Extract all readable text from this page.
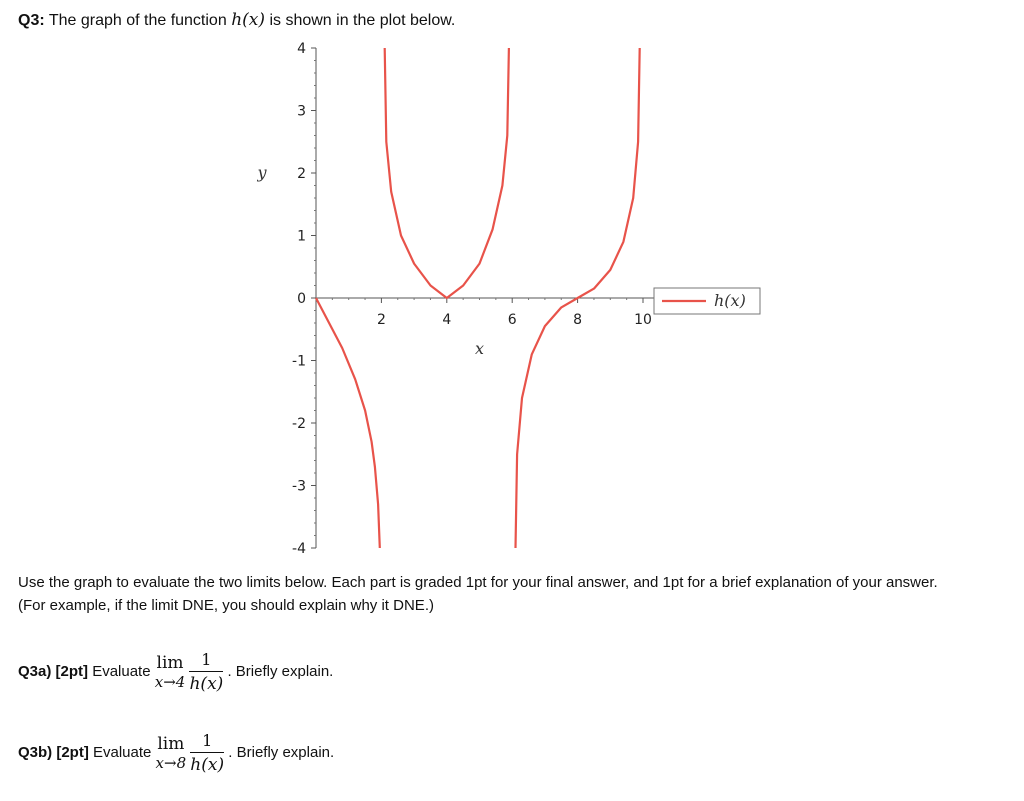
Q3: The graph of the function h(x) is shown in the plot below.
-4
-3
-2
-1
0
1
2
3
4
2	4	6	8	10
x
y
h(x)
Use the graph to evaluate the two limits below. Each part is graded 1pt for your final answer, and 1pt for a brief explanation of your answer.
(For example, if the limit DNE, you should explain why it DNE.)
Q3a) [2pt] Evaluate lim
x→4
$\frac{1}{h(x)}$ . Briefly explain.
Q3b) [2pt] Evaluate lim
x→8
$\frac{1}{h(x)}$ . Briefly explain.
